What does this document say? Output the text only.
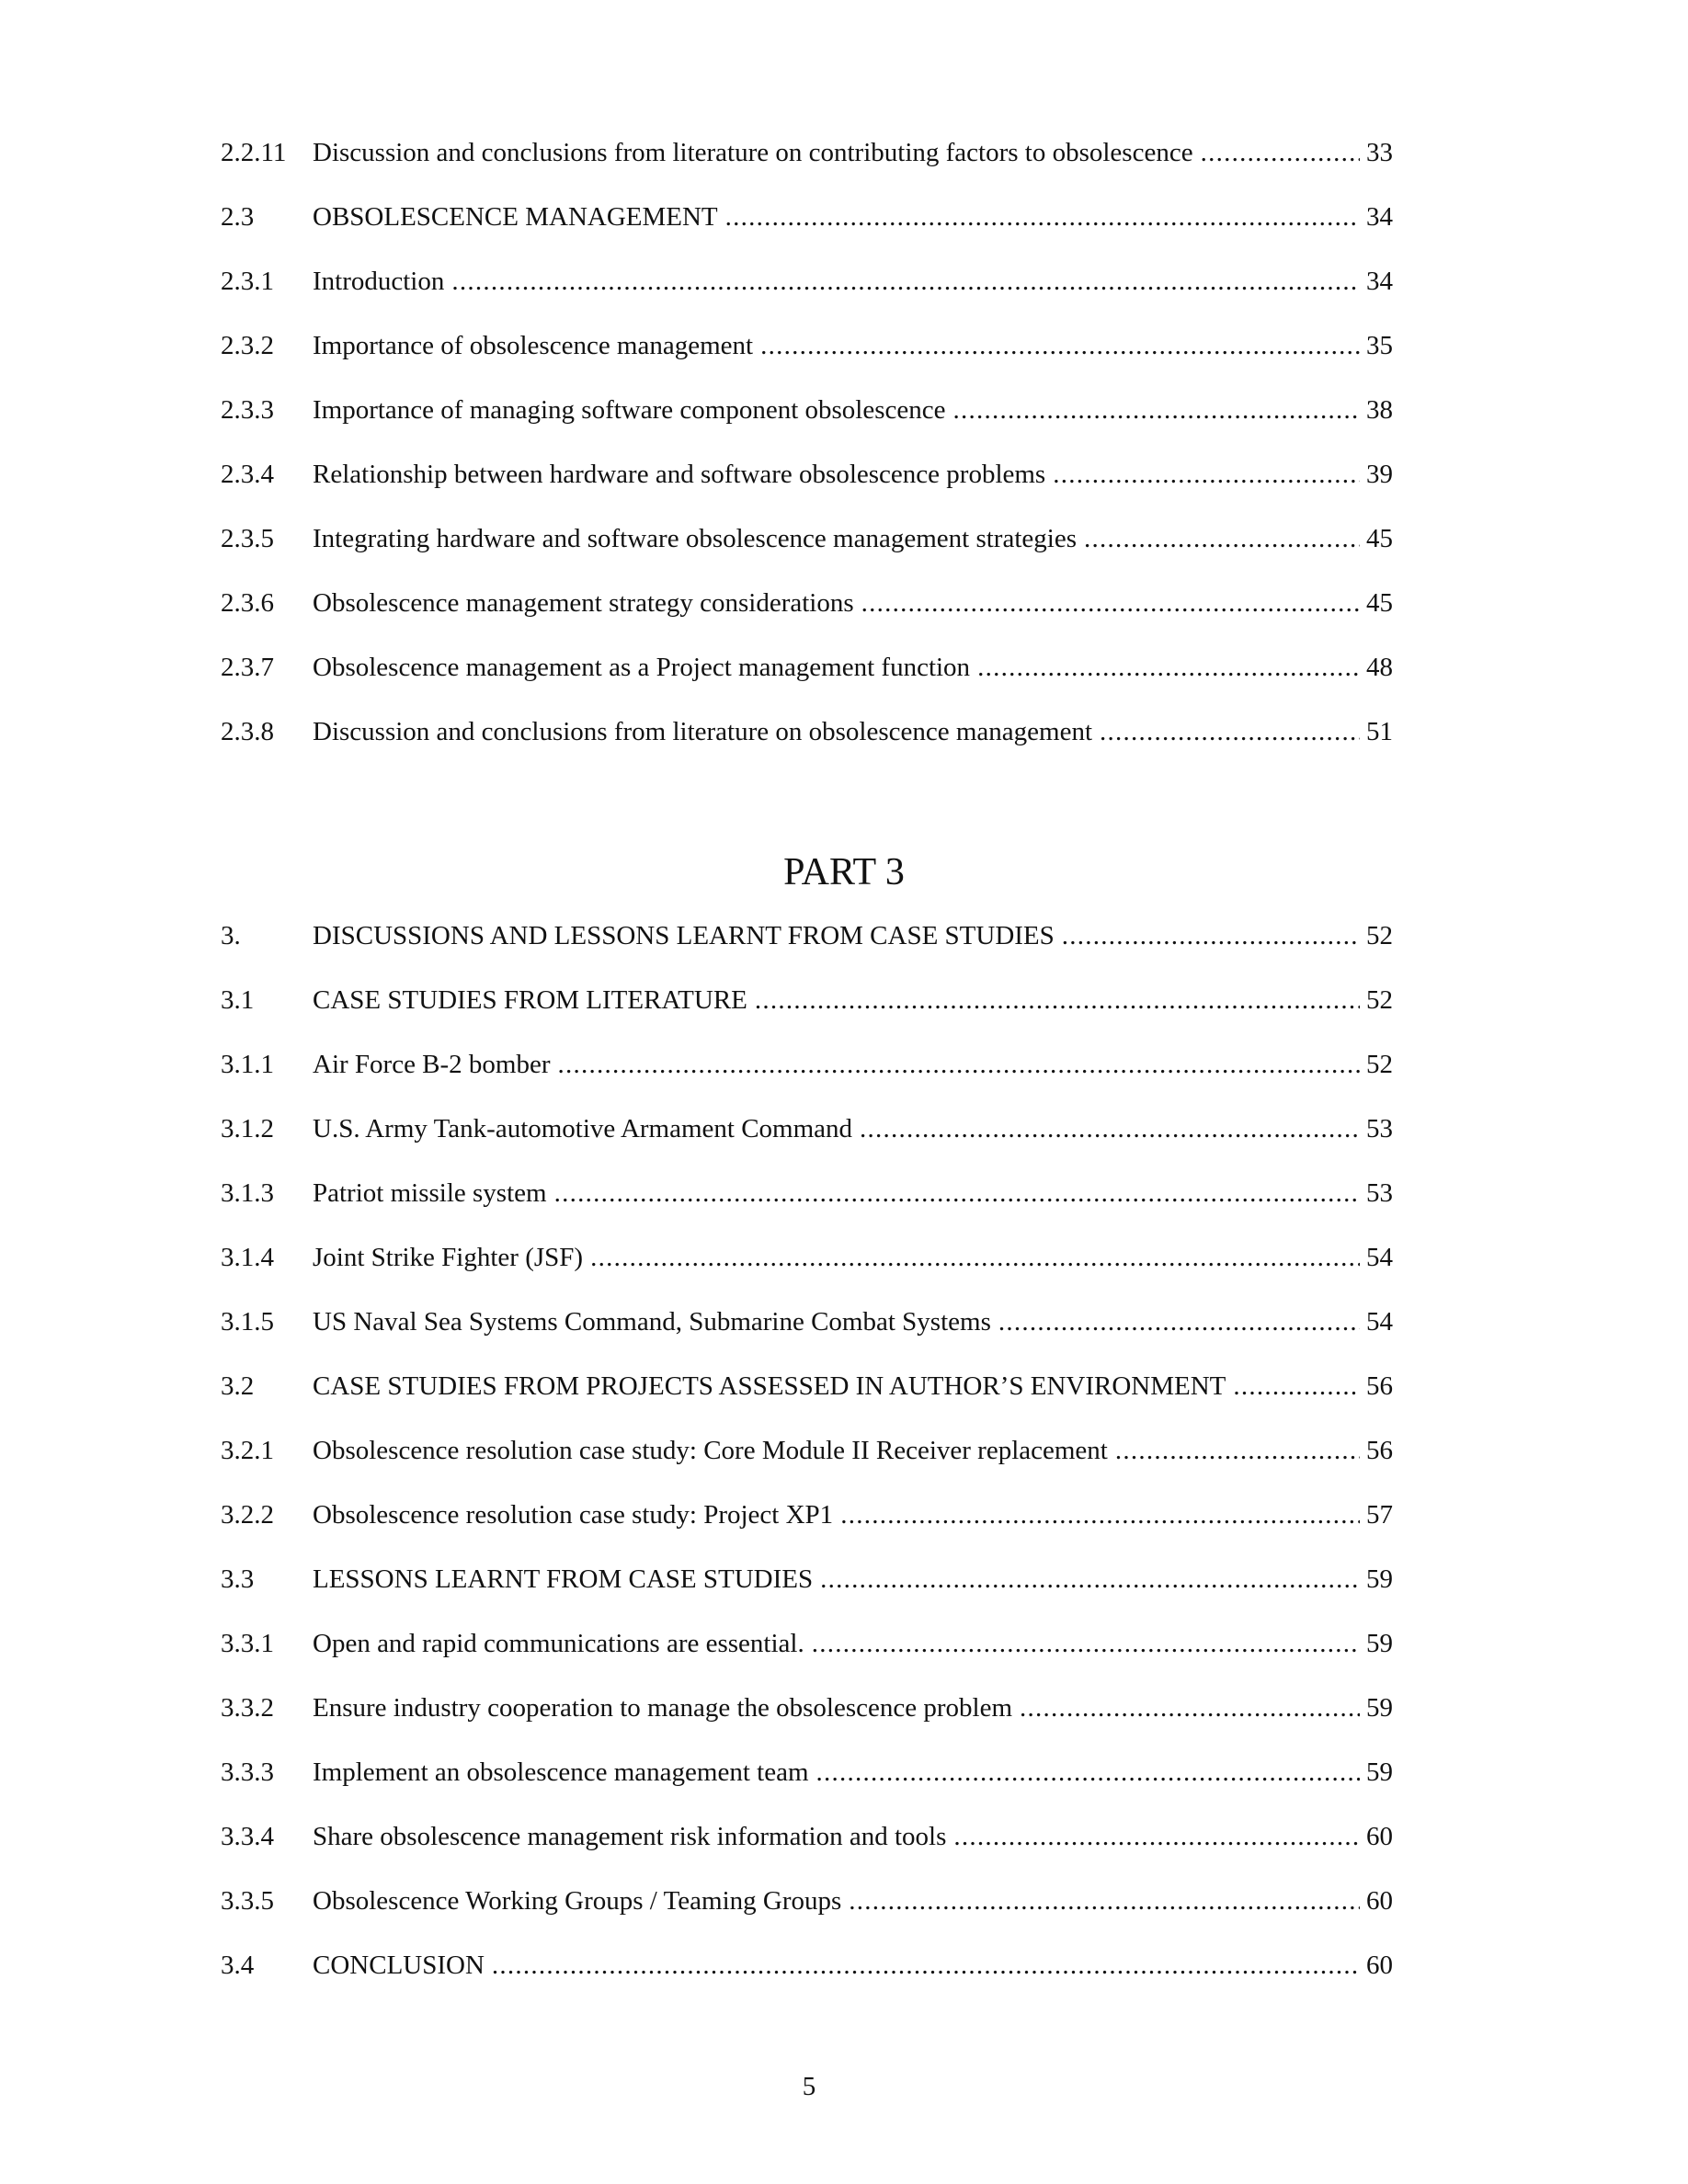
2.2.11 Discussion and conclusions from literature on contributing factors to obsolescence . . .	33
2.3	OBSOLESCENCE MANAGEMENT . . .	34
2.3.1	Introduction . . .	34
2.3.2	Importance of obsolescence management . . .	35
2.3.3	Importance of managing software component obsolescence . . .	38
2.3.4	Relationship between hardware and software obsolescence problems . . .	39
2.3.5	Integrating hardware and software obsolescence management strategies . . .	45
2.3.6	Obsolescence management strategy considerations . . .	45
2.3.7	Obsolescence management as a Project management function . . .	48
2.3.8	Discussion and conclusions from literature on obsolescence management . . .	51
PART 3
3.	DISCUSSIONS AND LESSONS LEARNT FROM CASE STUDIES . . .	52
3.1	CASE STUDIES FROM LITERATURE . . .	52
3.1.1	Air Force B-2 bomber . . .	52
3.1.2	U.S. Army Tank-automotive Armament Command . . .	53
3.1.3	Patriot missile system . . .	53
3.1.4	Joint Strike Fighter (JSF) . . .	54
3.1.5	US Naval Sea Systems Command, Submarine Combat Systems . . .	54
3.2	CASE STUDIES FROM PROJECTS ASSESSED IN AUTHOR’S ENVIRONMENT . . .	56
3.2.1	Obsolescence resolution case study: Core Module II Receiver replacement . . .	56
3.2.2	Obsolescence resolution case study: Project XP1 . . .	57
3.3	LESSONS LEARNT FROM CASE STUDIES . . .	59
3.3.1	Open and rapid communications are essential. . . .	59
3.3.2	Ensure industry cooperation to manage the obsolescence problem . . .	59
3.3.3	Implement an obsolescence management team . . .	59
3.3.4	Share obsolescence management risk information and tools . . .	60
3.3.5	Obsolescence Working Groups / Teaming Groups . . .	60
3.4	CONCLUSION . . .	60
5
